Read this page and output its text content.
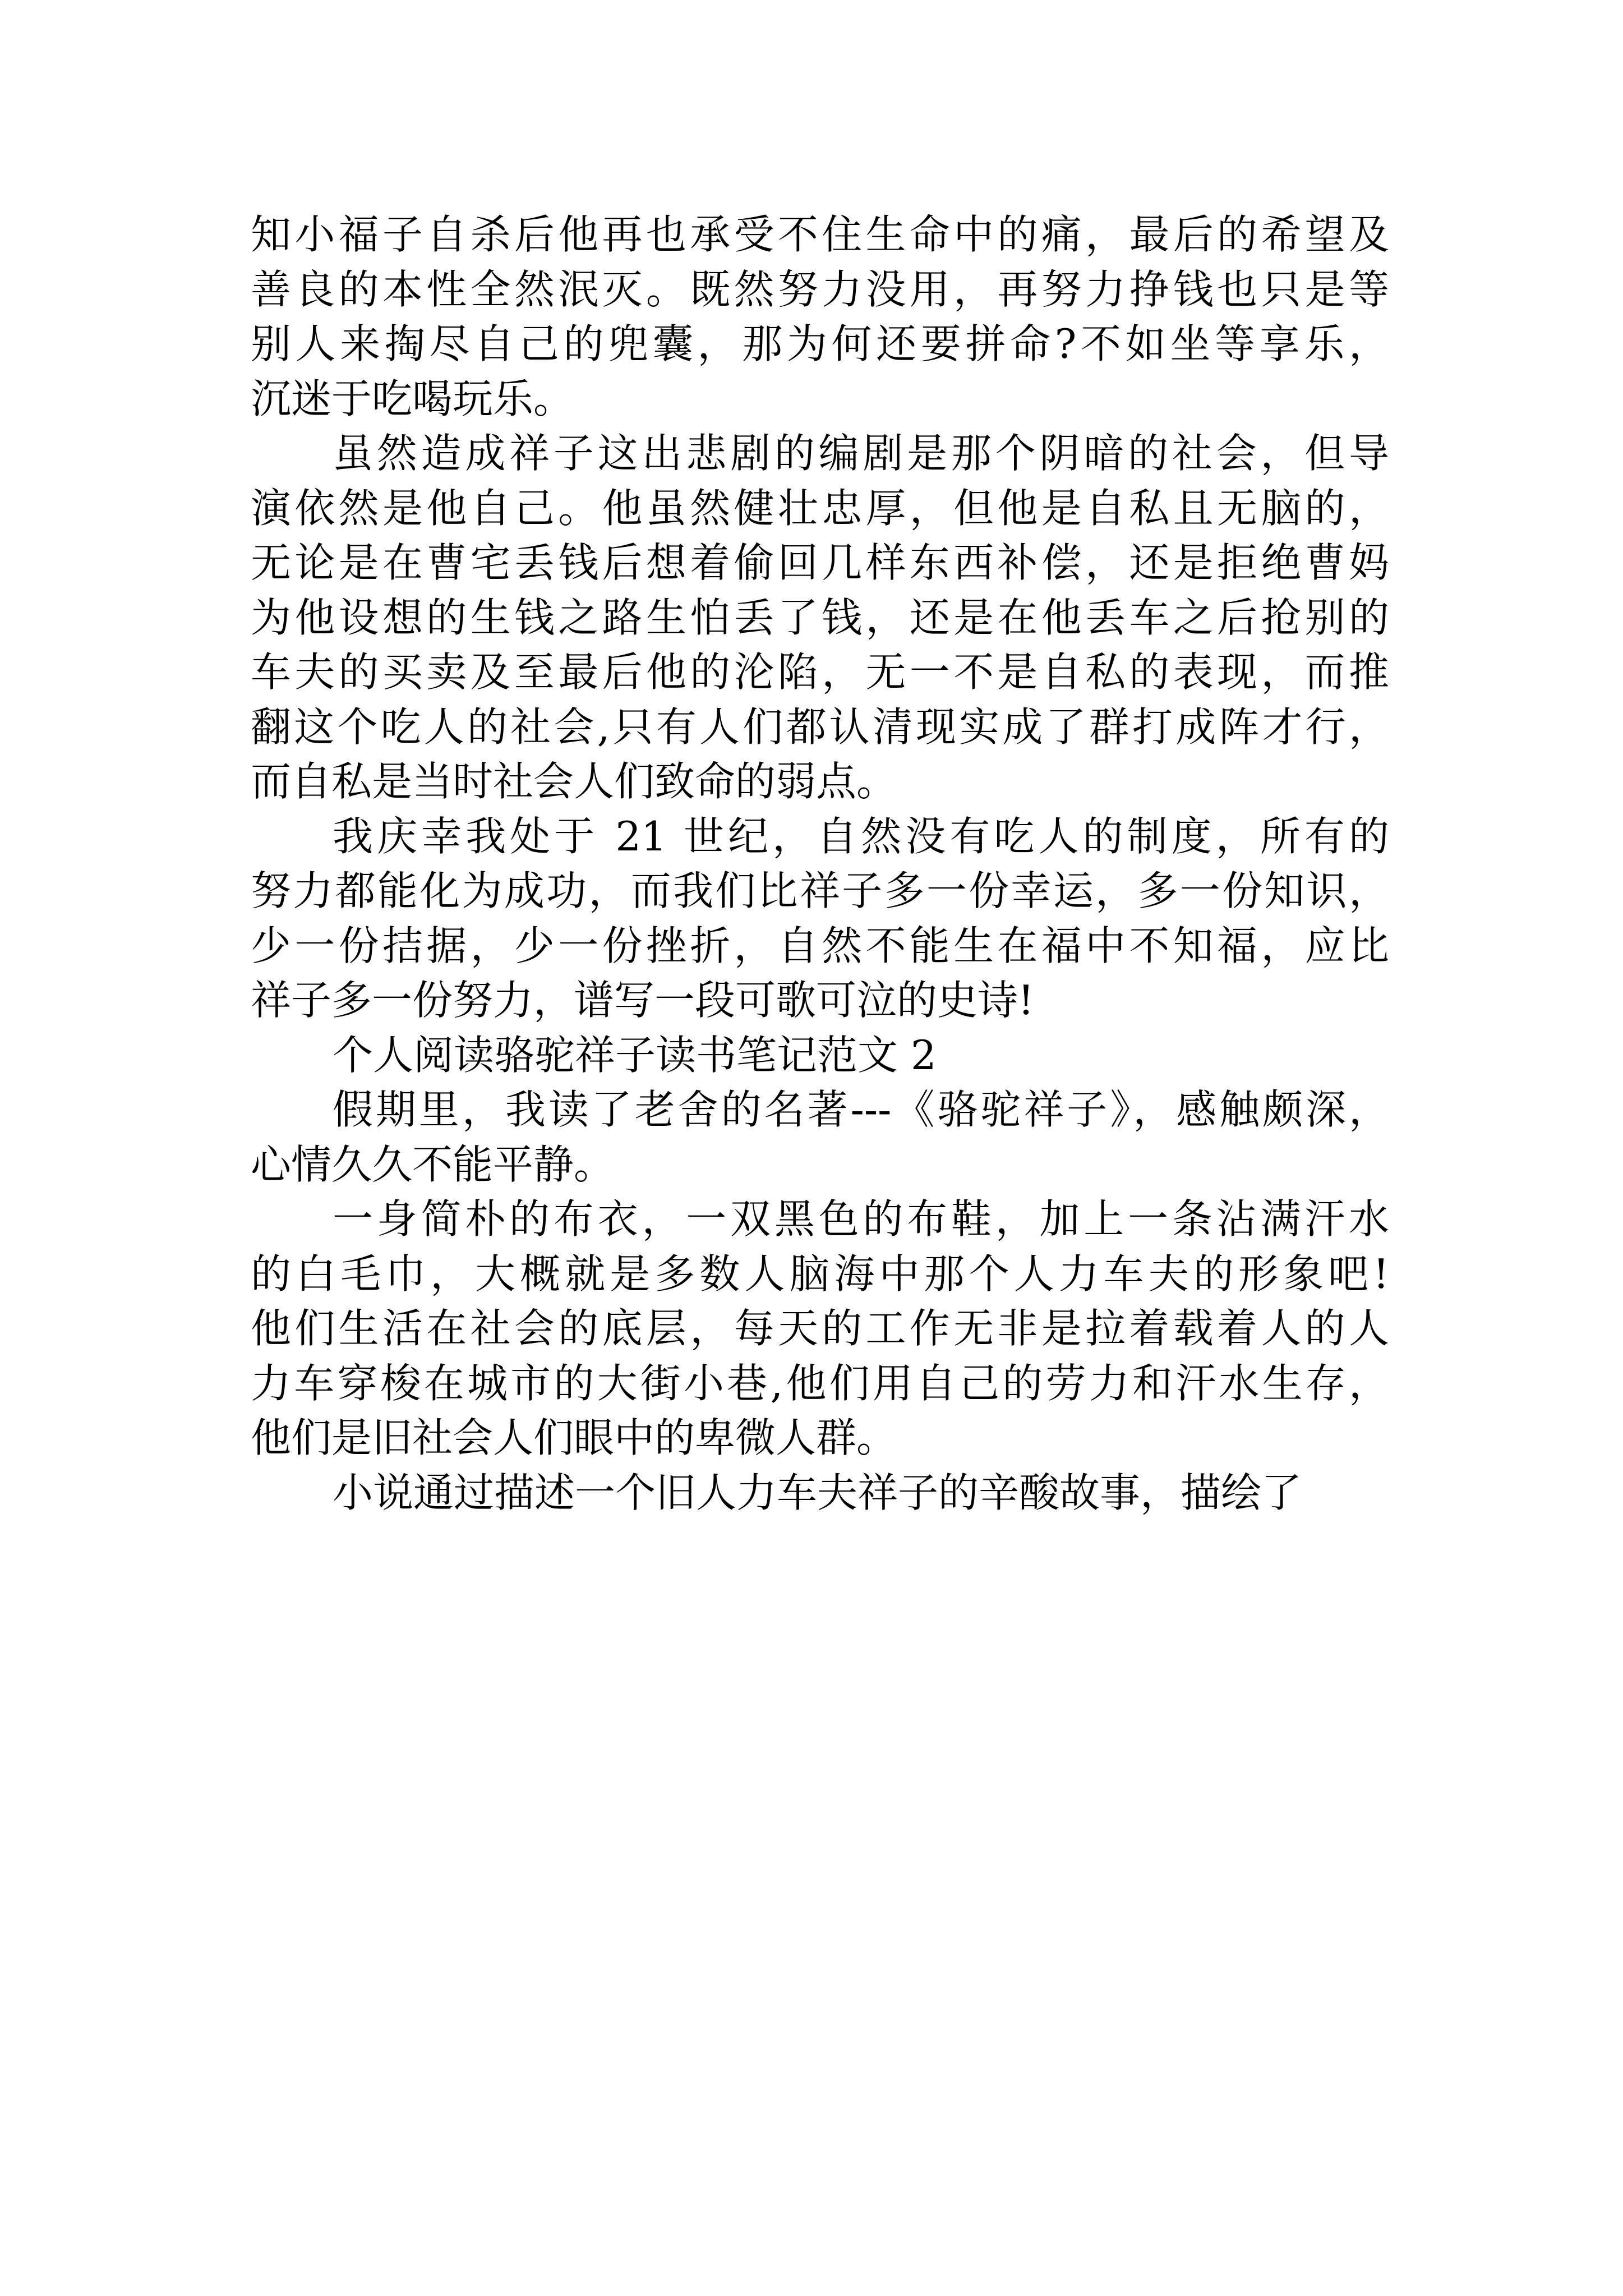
知小福子自杀后他再也承受不住生命中的痛，最后的希望及
善良的本性全然泯灭。既然努力没用，再努力挣钱也只是等
别人来掏尽自己的兜囊，那为何还要拼命?不如坐等享乐，
沉迷于吃喝玩乐。
虽然造成祥子这出悲剧的编剧是那个阴暗的社会，但导
演依然是他自己。他虽然健壮忠厚，但他是自私且无脑的，
无论是在曹宅丢钱后想着偷回几样东西补偿，还是拒绝曹妈
为他设想的生钱之路生怕丢了钱，还是在他丢车之后抢别的
车夫的买卖及至最后他的沦陷，无一不是自私的表现，而推
翻这个吃人的社会,只有人们都认清现实成了群打成阵才行，
而自私是当时社会人们致命的弱点。
我庆幸我处于 21 世纪，自然没有吃人的制度，所有的
努力都能化为成功，而我们比祥子多一份幸运，多一份知识，
少一份拮据，少一份挫折，自然不能生在福中不知福，应比
祥子多一份努力，谱写一段可歌可泣的史诗!
个人阅读骆驼祥子读书笔记范文 2
假期里，我读了老舍的名著---《骆驼祥子》，感触颇深，
心情久久不能平静。
一身简朴的布衣，一双黑色的布鞋，加上一条沾满汗水
的白毛巾，大概就是多数人脑海中那个人力车夫的形象吧!
他们生活在社会的底层，每天的工作无非是拉着载着人的人
力车穿梭在城市的大街小巷,他们用自己的劳力和汗水生存，
他们是旧社会人们眼中的卑微人群。
小说通过描述一个旧人力车夫祥子的辛酸故事，描绘了
